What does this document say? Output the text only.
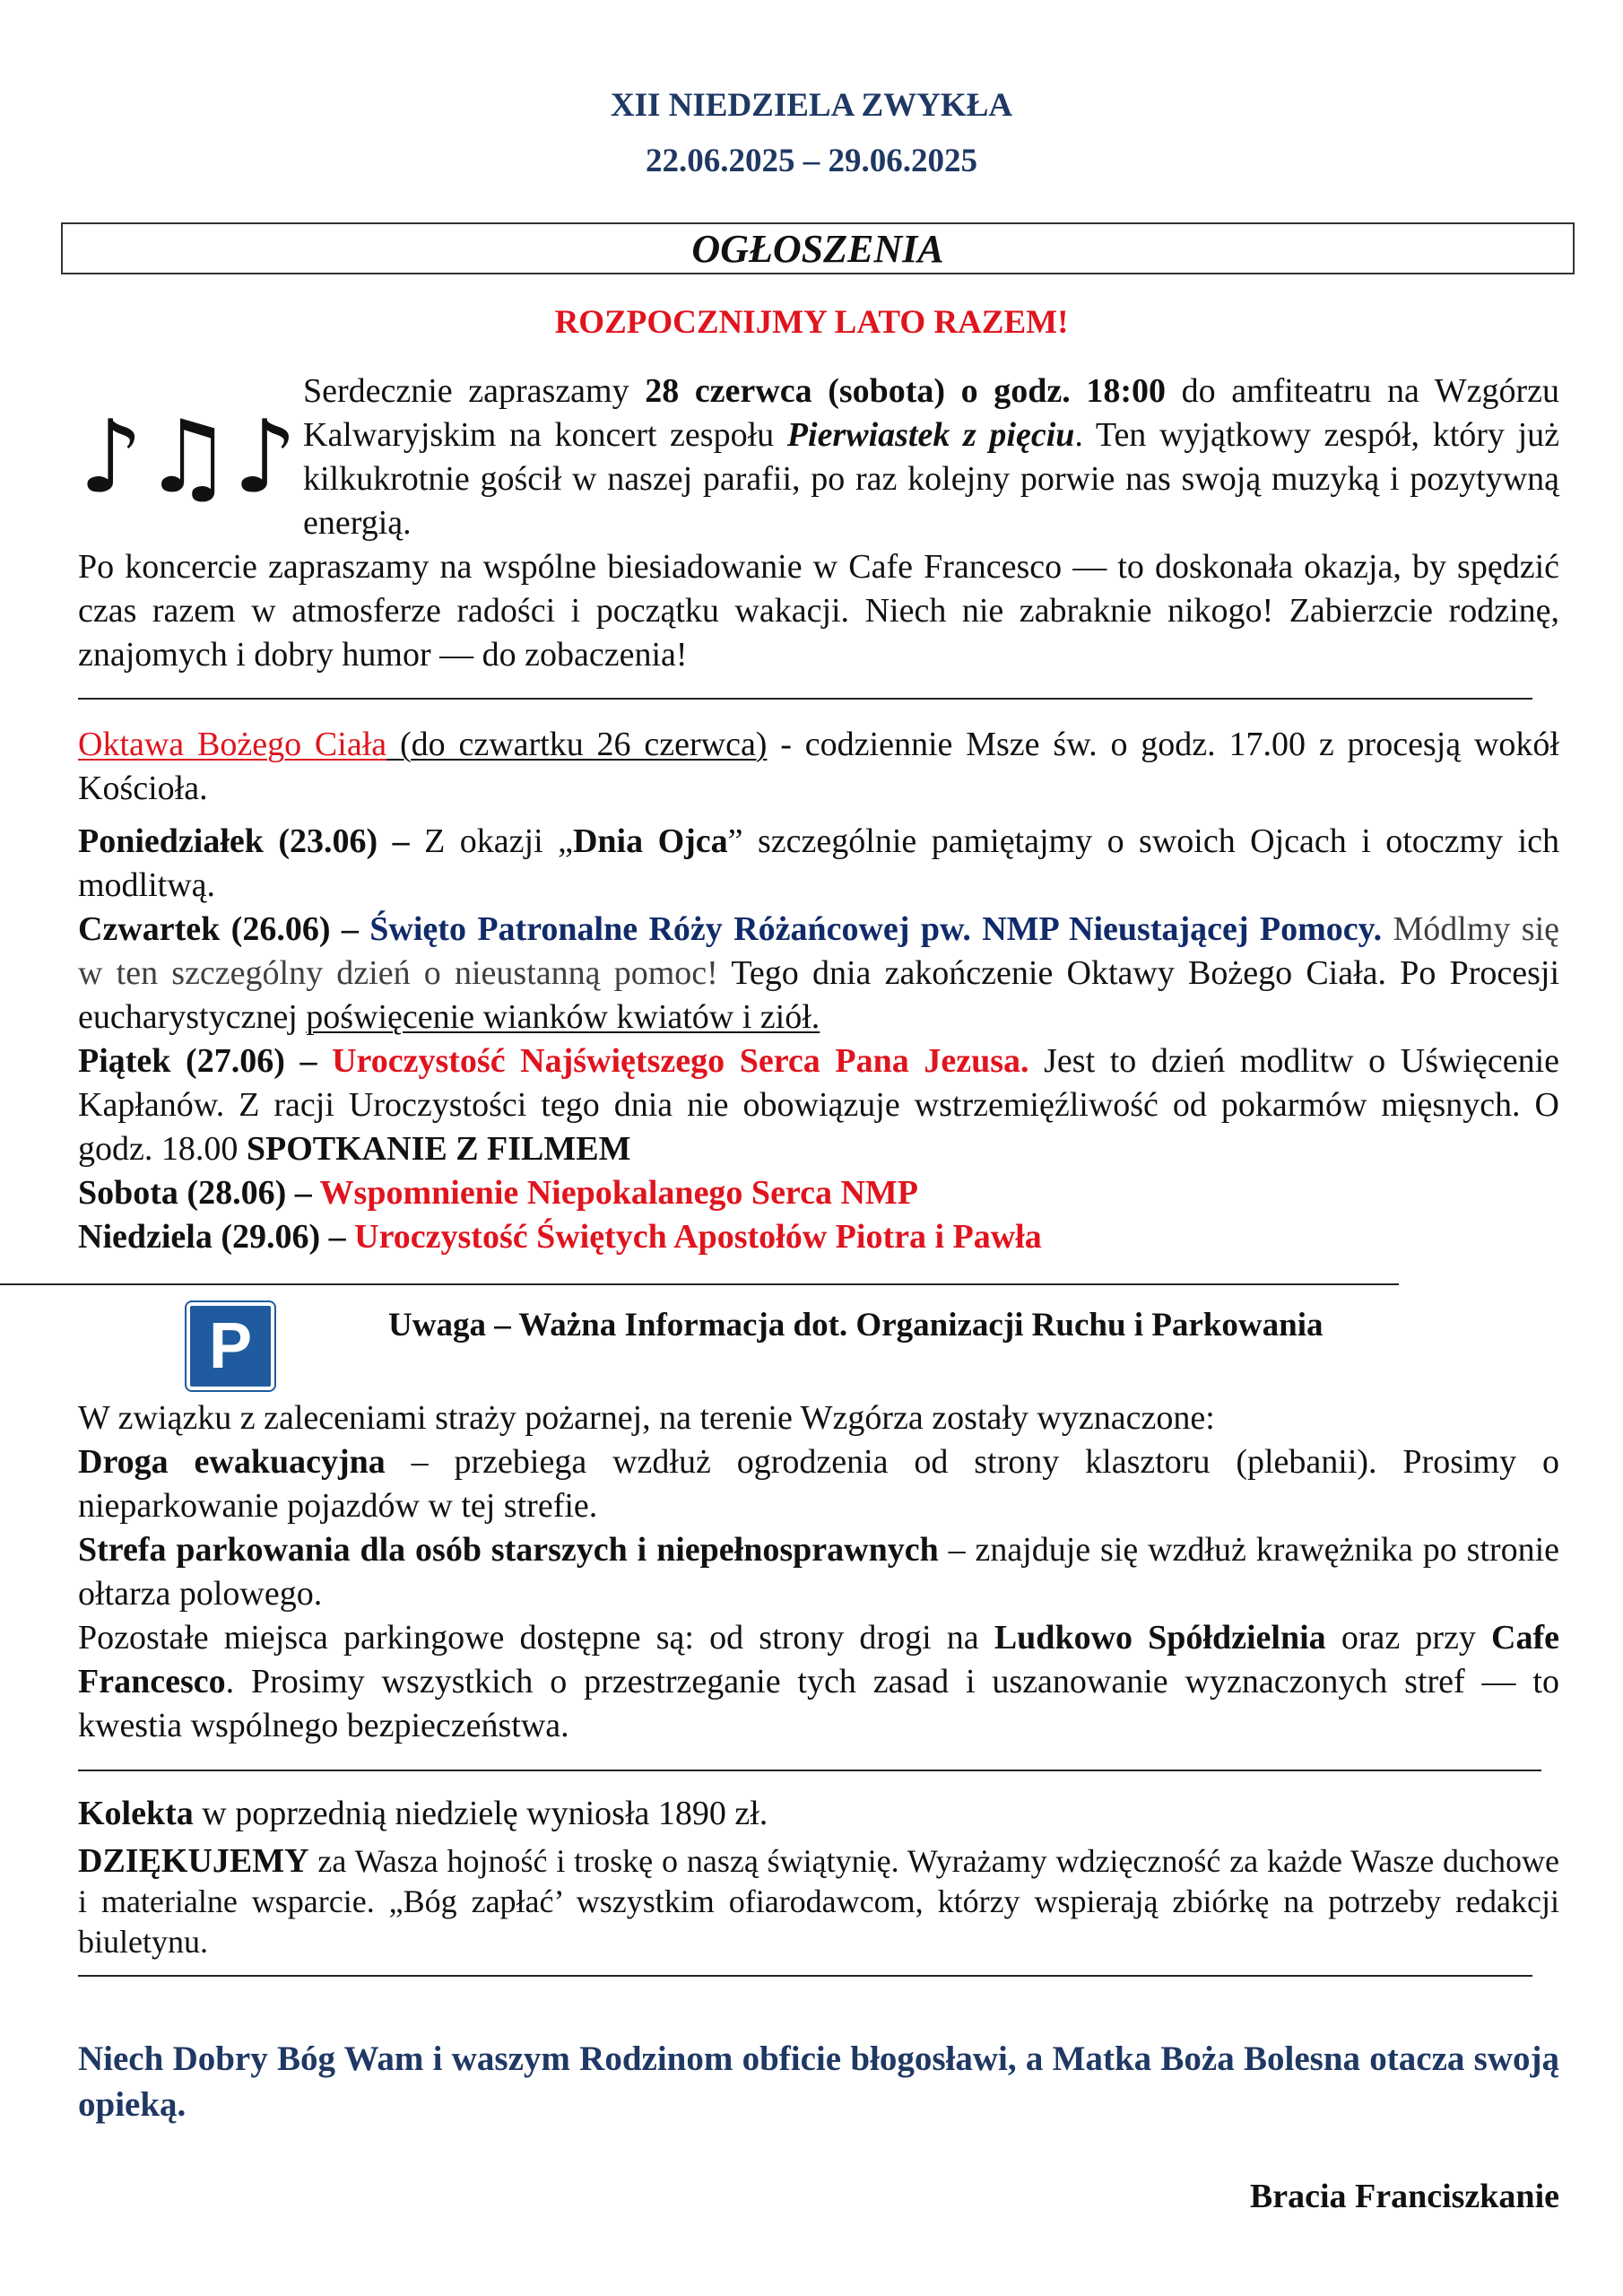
XII NIEDZIELA ZWYKŁA
22.06.2025 – 29.06.2025
OGŁOSZENIA
ROZPOCZNIJMY LATO RAZEM!
♪♫♪
Serdecznie zapraszamy 28 czerwca (sobota) o godz. 18:00 do amfiteatru na Wzgórzu Kalwaryjskim na koncert zespołu Pierwiastek z pięciu. Ten wyjątkowy zespół, który już kilkukrotnie gościł w naszej parafii, po raz kolejny porwie nas swoją muzyką i pozytywną energią.
Po koncercie zapraszamy na wspólne biesiadowanie w Cafe Francesco — to doskonała okazja, by spędzić czas razem w atmosferze radości i początku wakacji. Niech nie zabraknie nikogo! Zabierzcie rodzinę, znajomych i dobry humor — do zobaczenia!

Oktawa Bożego Ciała (do czwartku 26 czerwca) - codziennie Msze św. o godz. 17.00 z procesją wokół Kościoła.

Poniedziałek (23.06) – Z okazji „Dnia Ojca” szczególnie pamiętajmy o swoich Ojcach i otoczmy ich modlitwą.

Czwartek (26.06) – Święto Patronalne Róży Różańcowej pw. NMP Nieustającej Pomocy. Módlmy się w ten szczególny dzień o nieustanną pomoc! Tego dnia zakończenie Oktawy Bożego Ciała. Po Procesji eucharystycznej poświęcenie wianków kwiatów i ziół.

Piątek (27.06) – Uroczystość Najświętszego Serca Pana Jezusa. Jest to dzień modlitw o Uświęcenie Kapłanów. Z racji Uroczystości tego dnia nie obowiązuje wstrzemięźliwość od pokarmów mięsnych. O godz. 18.00 SPOTKANIE Z FILMEM

Sobota (28.06) – Wspomnienie Niepokalanego Serca NMP

Niedziela (29.06) – Uroczystość Świętych Apostołów Piotra i Pawła

P	Uwaga – Ważna Informacja dot. Organizacji Ruchu i Parkowania

W związku z zaleceniami straży pożarnej, na terenie Wzgórza zostały wyznaczone:

Droga ewakuacyjna – przebiega wzdłuż ogrodzenia od strony klasztoru (plebanii). Prosimy o nieparkowanie pojazdów w tej strefie.

Strefa parkowania dla osób starszych i niepełnosprawnych – znajduje się wzdłuż krawężnika po stronie ołtarza polowego.

Pozostałe miejsca parkingowe dostępne są: od strony drogi na Ludkowo Spółdzielnia oraz przy Cafe Francesco. Prosimy wszystkich o przestrzeganie tych zasad i uszanowanie wyznaczonych stref — to kwestia wspólnego bezpieczeństwa.

Kolekta w poprzednią niedzielę wyniosła 1890 zł.

DZIĘKUJEMY za Wasza hojność i troskę o naszą świątynię. Wyrażamy wdzięczność za każde Wasze duchowe i materialne wsparcie. „Bóg zapłać’ wszystkim ofiarodawcom, którzy wspierają zbiórkę na potrzeby redakcji biuletynu.

Niech Dobry Bóg Wam i waszym Rodzinom obficie błogosławi, a Matka Boża Bolesna otacza swoją opieką.
Bracia Franciszkanie
